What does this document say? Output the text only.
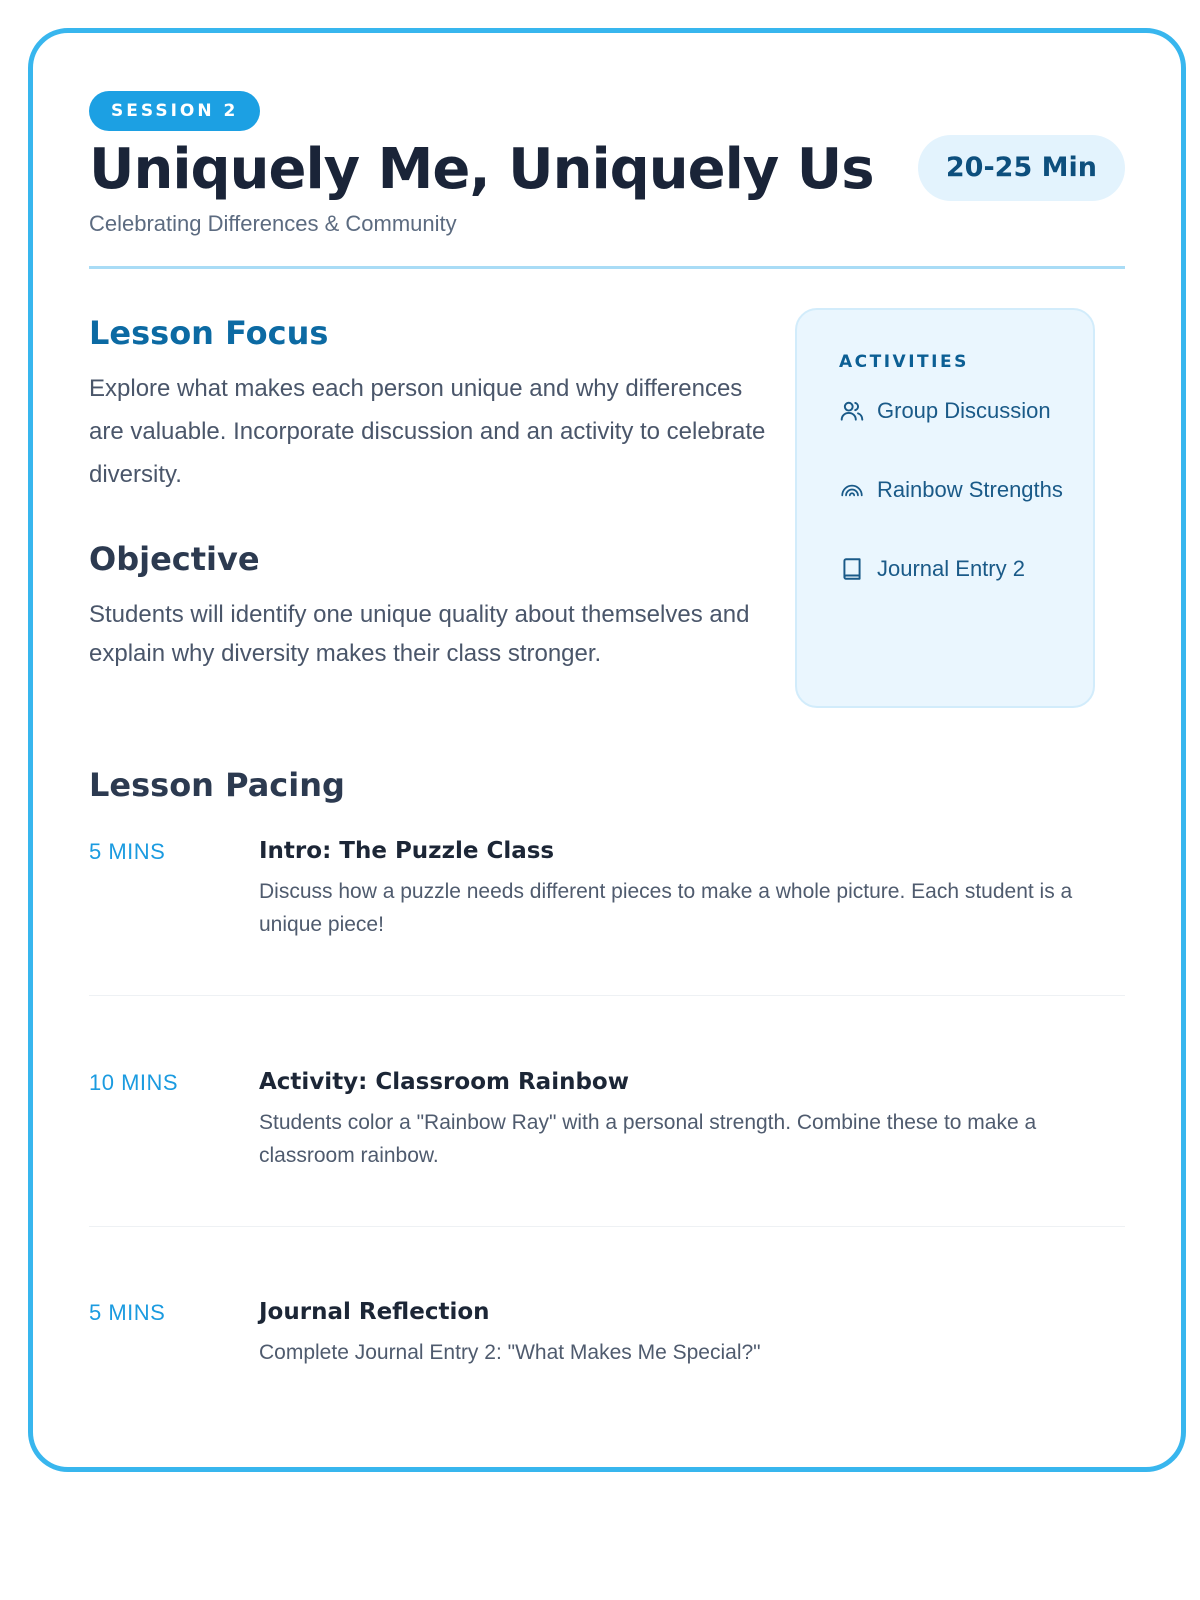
SESSION 2
Uniquely Me, Uniquely Us	20-25 Min
Celebrating Differences & Community
Lesson Focus
Explore what makes each person unique and why differences are valuable. Incorporate discussion and an activity to celebrate diversity.
Objective
Students will identify one unique quality about themselves and explain why diversity makes their class stronger.
ACTIVITIES
Group Discussion
Rainbow Strengths
Journal Entry 2
Lesson Pacing
5 MINS	Intro: The Puzzle Class
Discuss how a puzzle needs different pieces to make a whole picture. Each student is a unique piece!
10 MINS	Activity: Classroom Rainbow
Students color a "Rainbow Ray" with a personal strength. Combine these to make a classroom rainbow.
5 MINS	Journal Reflection
Complete Journal Entry 2: "What Makes Me Special?"
